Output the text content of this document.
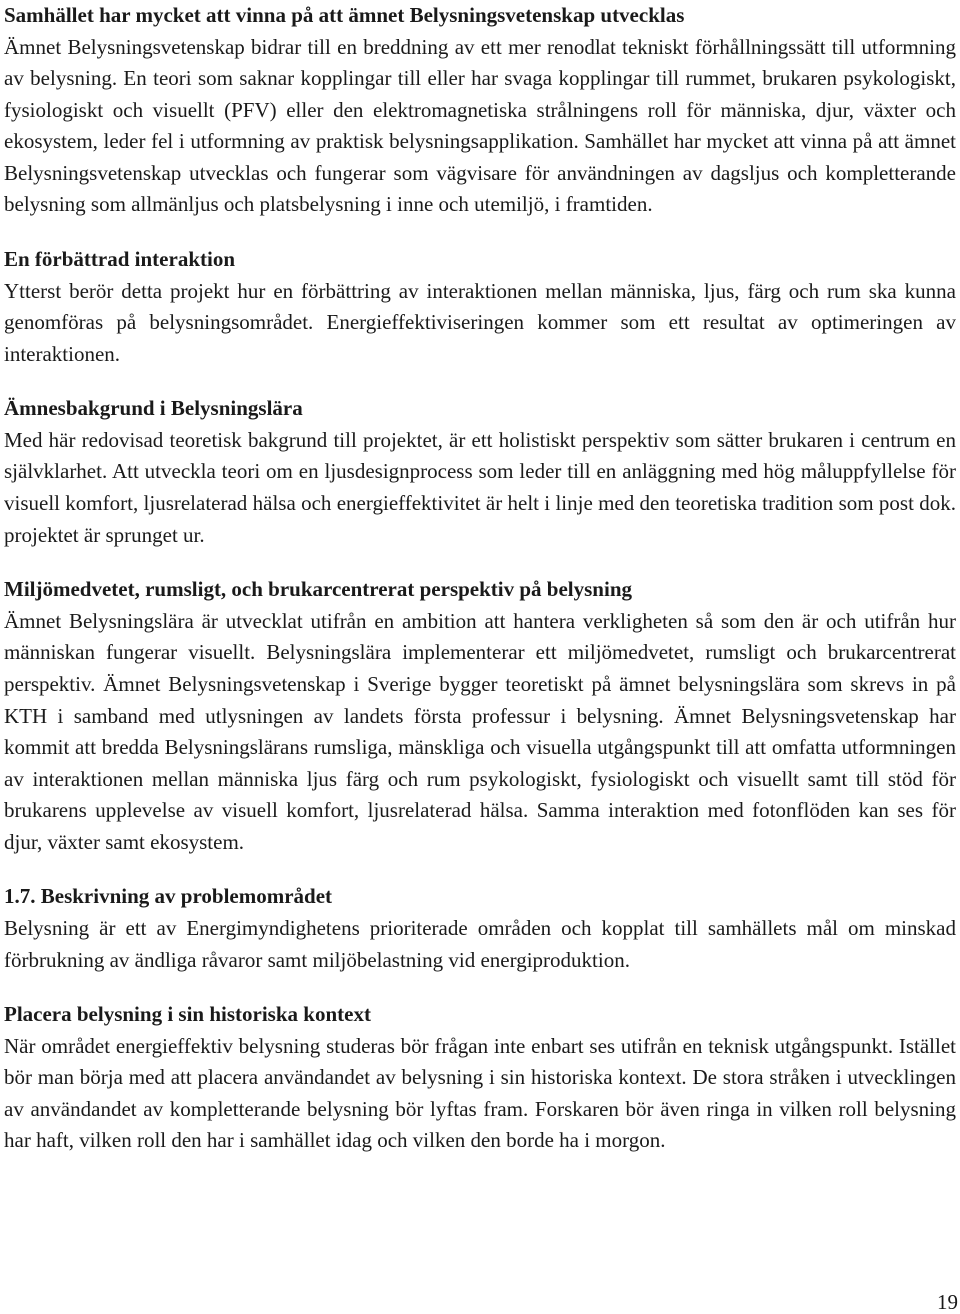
Samhället har mycket att vinna på att ämnet Belysningsvetenskap utvecklas

Ämnet Belysningsvetenskap bidrar till en breddning av ett mer renodlat tekniskt förhållningssätt till utformning av belysning. En teori som saknar kopplingar till eller har svaga kopplingar till rummet, brukaren psykologiskt, fysiologiskt och visuellt (PFV) eller den elektromagnetiska strålningens roll för människa, djur, växter och ekosystem, leder fel i utformning av praktisk belysningsapplikation. Samhället har mycket att vinna på att ämnet Belysningsvetenskap utvecklas och fungerar som vägvisare för användningen av dagsljus och kompletterande belysning som allmänljus och platsbelysning i inne och utemiljö, i framtiden.

En förbättrad interaktion

Ytterst berör detta projekt hur en förbättring av interaktionen mellan människa, ljus, färg och rum ska kunna genomföras på belysningsområdet. Energieffektiviseringen kommer som ett resultat av optimeringen av interaktionen.

Ämnesbakgrund i Belysningslära

Med här redovisad teoretisk bakgrund till projektet, är ett holistiskt perspektiv som sätter brukaren i centrum en självklarhet. Att utveckla teori om en ljusdesignprocess som leder till en anläggning med hög måluppfyllelse för visuell komfort, ljusrelaterad hälsa och energieffektivitet är helt i linje med den teoretiska tradition som post dok. projektet är sprunget ur.

Miljömedvetet, rumsligt, och brukarcentrerat perspektiv på belysning

Ämnet Belysningslära är utvecklat utifrån en ambition att hantera verkligheten så som den är och utifrån hur människan fungerar visuellt. Belysningslära implementerar ett miljömedvetet, rumsligt och brukarcentrerat perspektiv. Ämnet Belysningsvetenskap i Sverige bygger teoretiskt på ämnet belysningslära som skrevs in på KTH i samband med utlysningen av landets första professur i belysning. Ämnet Belysningsvetenskap har kommit att bredda Belysningslärans rumsliga, mänskliga och visuella utgångspunkt till att omfatta utformningen av interaktionen mellan människa ljus färg och rum psykologiskt, fysiologiskt och visuellt samt till stöd för brukarens upplevelse av visuell komfort, ljusrelaterad hälsa. Samma interaktion med fotonflöden kan ses för djur, växter samt ekosystem.

1.7. Beskrivning av problemområdet

Belysning är ett av Energimyndighetens prioriterade områden och kopplat till samhällets mål om minskad förbrukning av ändliga råvaror samt miljöbelastning vid energiproduktion.

Placera belysning i sin historiska kontext

När området energieffektiv belysning studeras bör frågan inte enbart ses utifrån en teknisk utgångspunkt. Istället bör man börja med att placera användandet av belysning i sin historiska kontext. De stora stråken i utvecklingen av användandet av kompletterande belysning bör lyftas fram. Forskaren bör även ringa in vilken roll belysning har haft, vilken roll den har i samhället idag och vilken den borde ha i morgon.

19
